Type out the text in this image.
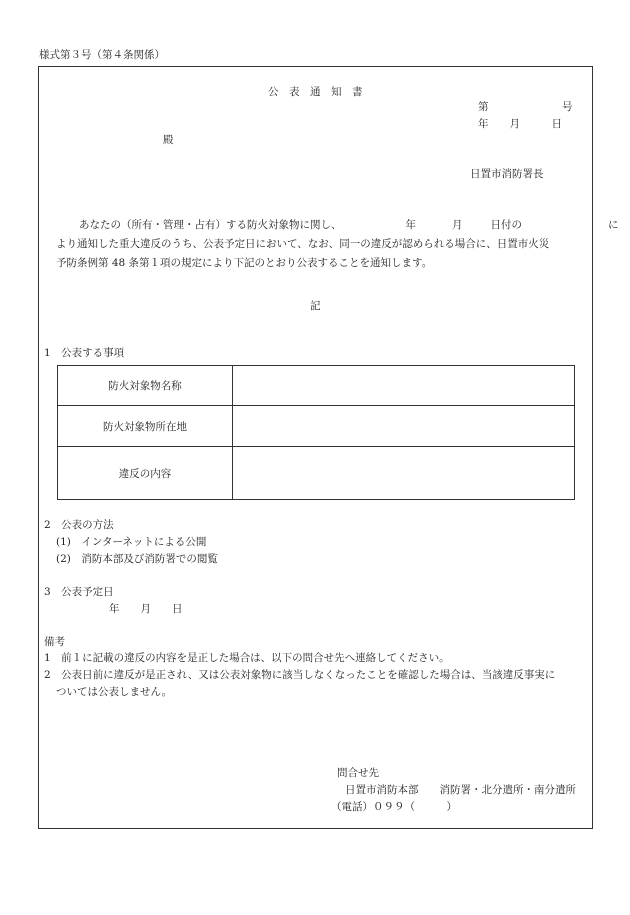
様式第３号（第４条関係）
公　表　通　知　書
第　　　　　　　号
年　　月　　　日
殿
日置市消防署長
あなたの（所有・管理・占有）する防火対象物に関し、	年	月	日付の	に
より通知した重大違反のうち、公表予定日において、なお、同一の違反が認められる場合に、日置市火災
予防条例第 48 条第１項の規定により下記のとおり公表することを通知します。
記
1　公表する事項
防火対象物名称	
防火対象物所在地	
違反の内容	
2　公表の方法
(1)　インターネットによる公開
(2)　消防本部及び消防署での閲覧
3　公表予定日
年　　月　　日
備考
1　前１に記載の違反の内容を是正した場合は、以下の問合せ先へ連絡してください。
2　公表日前に違反が是正され、又は公表対象物に該当しなくなったことを確認した場合は、当該違反事実に
ついては公表しません。
問合せ先
日置市消防本部　　消防署・北分遣所・南分遣所
（電話）０９９（　　　）
